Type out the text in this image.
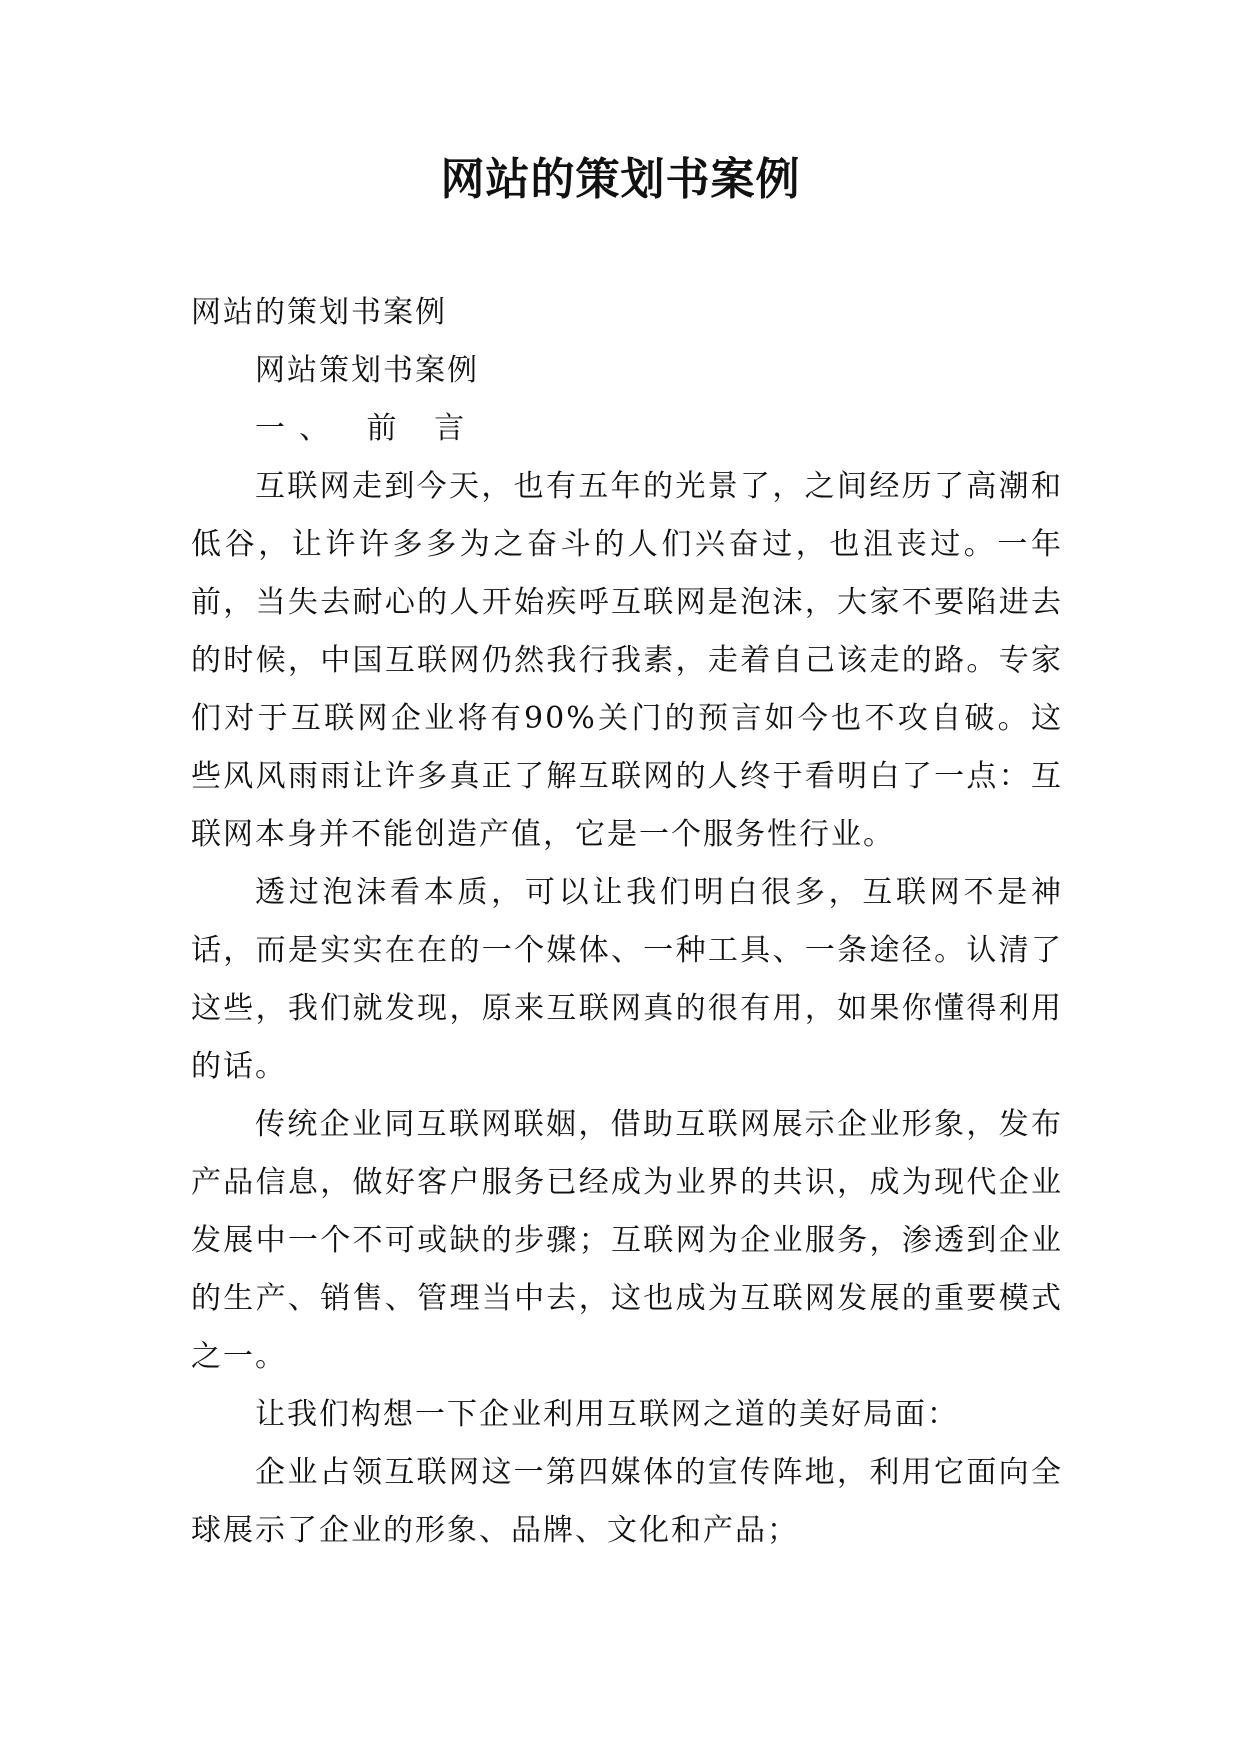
网站的策划书案例

网站的策划书案例

网站策划书案例

一、 前 言

互联网走到今天，也有五年的光景了，之间经历了高潮和低谷，让许许多多为之奋斗的人们兴奋过，也沮丧过。一年前，当失去耐心的人开始疾呼互联网是泡沫，大家不要陷进去的时候，中国互联网仍然我行我素，走着自己该走的路。专家们对于互联网企业将有90%关门的预言如今也不攻自破。这些风风雨雨让许多真正了解互联网的人终于看明白了一点：互联网本身并不能创造产值，它是一个服务性行业。

透过泡沫看本质，可以让我们明白很多，互联网不是神话，而是实实在在的一个媒体、一种工具、一条途径。认清了这些，我们就发现，原来互联网真的很有用，如果你懂得利用的话。

传统企业同互联网联姻，借助互联网展示企业形象，发布产品信息，做好客户服务已经成为业界的共识，成为现代企业发展中一个不可或缺的步骤；互联网为企业服务，渗透到企业的生产、销售、管理当中去，这也成为互联网发展的重要模式之一。

让我们构想一下企业利用互联网之道的美好局面：

企业占领互联网这一第四媒体的宣传阵地，利用它面向全球展示了企业的形象、品牌、文化和产品；
